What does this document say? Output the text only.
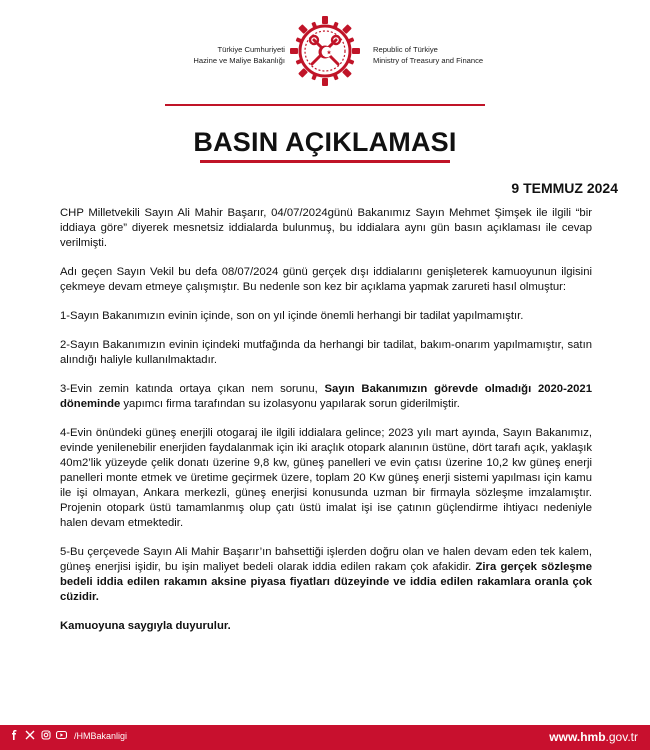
Türkiye Cumhuriyeti
Hazine ve Maliye Bakanlığı
Republic of Türkiye
Ministry of Treasury and Finance
BASIN AÇIKLAMASI
9 TEMMUZ 2024

CHP Milletvekili Sayın Ali Mahir Başarır, 04/07/2024günü Bakanımız Sayın Mehmet Şimşek ile ilgili “bir iddiaya göre” diyerek mesnetsiz iddialarda bulunmuş, bu iddialara aynı gün basın açıklaması ile cevap verilmişti.

Adı geçen Sayın Vekil bu defa 08/07/2024 günü gerçek dışı iddialarını genişleterek kamuoyunun ilgisini çekmeye devam etmeye çalışmıştır. Bu nedenle son kez bir açıklama yapmak zarureti hasıl olmuştur:

1-Sayın Bakanımızın evinin içinde, son on yıl içinde önemli herhangi bir tadilat yapılmamıştır.

2-Sayın Bakanımızın evinin içindeki mutfağında da herhangi bir tadilat, bakım-onarım yapılmamıştır, satın alındığı haliyle kullanılmaktadır.

3-Evin zemin katında ortaya çıkan nem sorunu, Sayın Bakanımızın görevde olmadığı 2020-2021 döneminde yapımcı firma tarafından su izolasyonu yapılarak sorun giderilmiştir.

4-Evin önündeki güneş enerjili otogaraj ile ilgili iddialara gelince; 2023 yılı mart ayında, Sayın Bakanımız, evinde yenilenebilir enerjiden faydalanmak için iki araçlık otopark alanının üstüne, dört tarafı açık, yaklaşık 40m2’lik yüzeyde çelik donatı üzerine 9,8 kw, güneş panelleri ve evin çatısı üzerine 10,2 kw güneş enerji panelleri monte etmek ve üretime geçirmek üzere, toplam 20 Kw güneş enerji sistemi yapılması için kamu ile işi olmayan, Ankara merkezli, güneş enerjisi konusunda uzman bir firmayla sözleşme imzalamıştır. Projenin otopark üstü tamamlanmış olup çatı üstü imalat işi ise çatının güçlendirme ihtiyacı nedeniyle halen devam etmektedir.

5-Bu çerçevede Sayın Ali Mahir Başarır’ın bahsettiği işlerden doğru olan ve halen devam eden tek kalem, güneş enerjisi işidir, bu işin maliyet bedeli olarak iddia edilen rakam çok afakidir. Zira gerçek sözleşme bedeli iddia edilen rakamın aksine piyasa fiyatları düzeyinde ve iddia edilen rakamlara oranla çok cüzidir.

Kamuoyuna saygıyla duyurulur.

/HMBakanligi	www.hmb.gov.tr
